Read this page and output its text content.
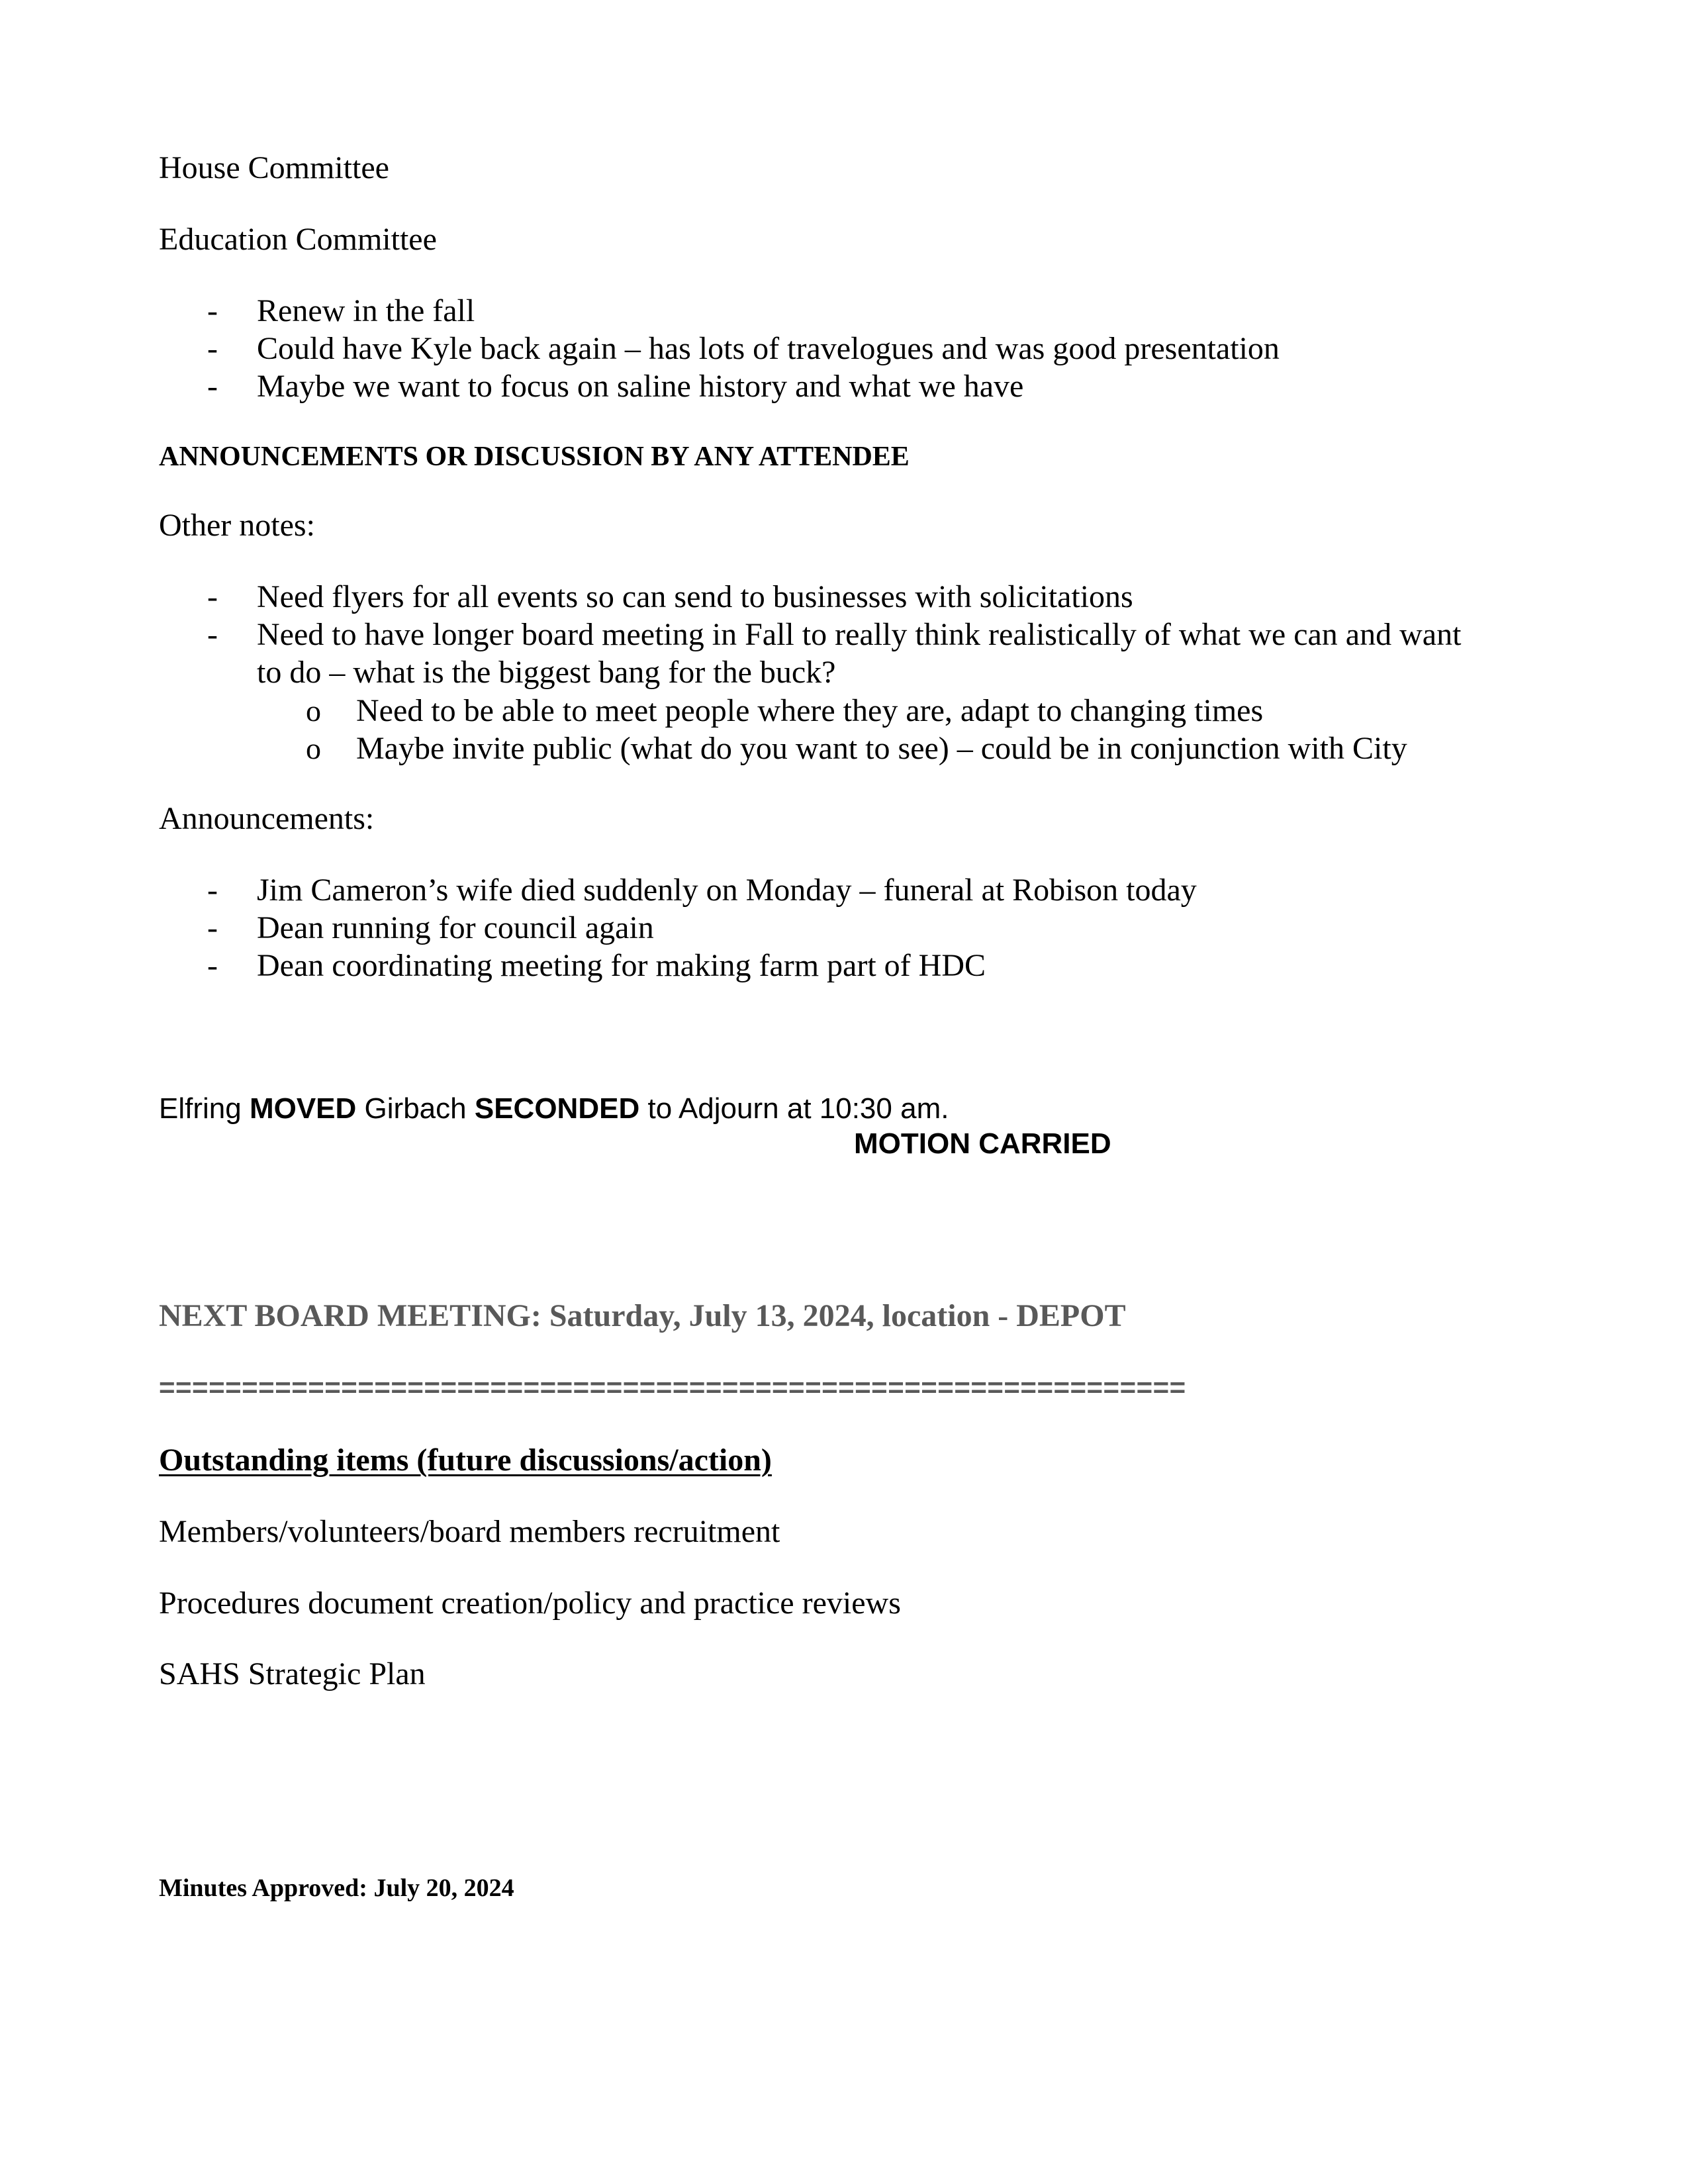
House Committee

Education Committee

- Renew in the fall
- Could have Kyle back again – has lots of travelogues and was good presentation
- Maybe we want to focus on saline history and what we have

ANNOUNCEMENTS OR DISCUSSION BY ANY ATTENDEE

Other notes:

- Need flyers for all events so can send to businesses with solicitations
- Need to have longer board meeting in Fall to really think realistically of what we can and want
to do – what is the biggest bang for the buck?
o Need to be able to meet people where they are, adapt to changing times
o Maybe invite public (what do you want to see) – could be in conjunction with City

Announcements:

- Jim Cameron’s wife died suddenly on Monday – funeral at Robison today
- Dean running for council again
- Dean coordinating meeting for making farm part of HDC

Elfring MOVED Girbach SECONDED to Adjourn at 10:30 am.

MOTION CARRIED

NEXT BOARD MEETING: Saturday, July 13, 2024, location - DEPOT

==============================================================

Outstanding items (future discussions/action)

Members/volunteers/board members recruitment

Procedures document creation/policy and practice reviews

SAHS Strategic Plan

Minutes Approved: July 20, 2024
